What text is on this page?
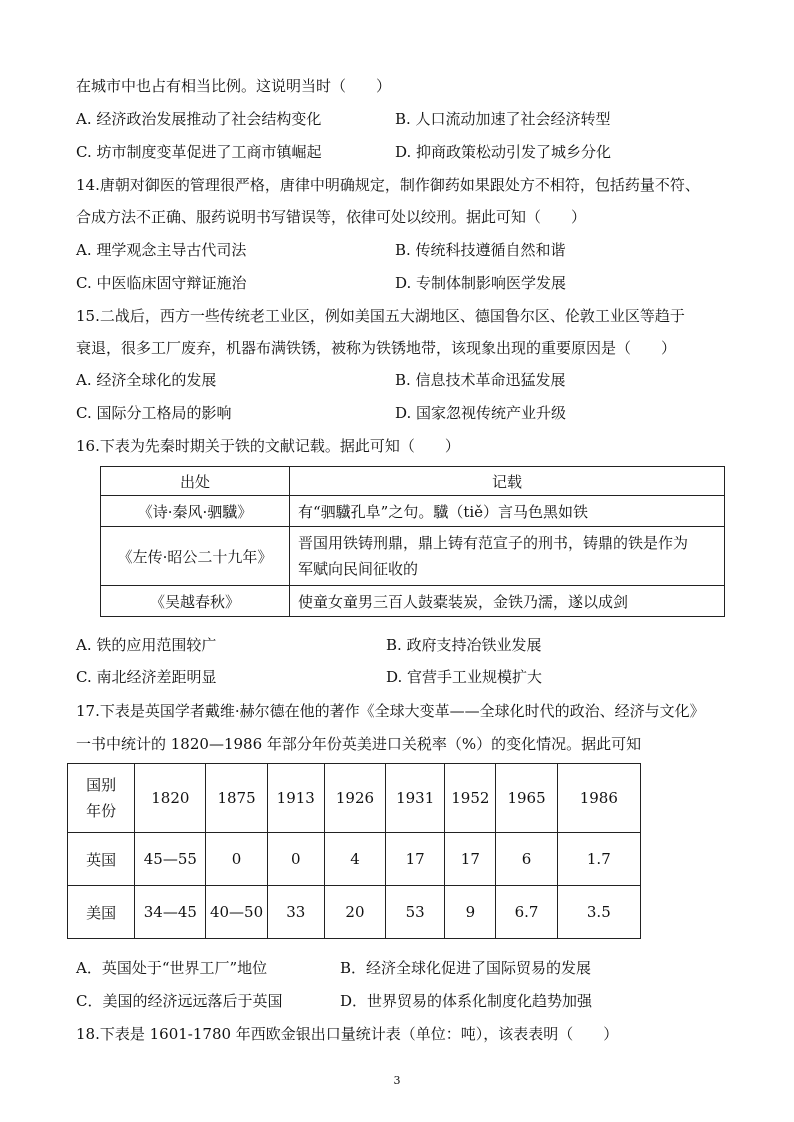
在城市中也占有相当比例。这说明当时（　　）
A. 经济政治发展推动了社会结构变化	B. 人口流动加速了社会经济转型
C. 坊市制度变革促进了工商市镇崛起	D. 抑商政策松动引发了城乡分化
14.唐朝对御医的管理很严格，唐律中明确规定，制作御药如果跟处方不相符，包括药量不符、
合成方法不正确、服药说明书写错误等，依律可处以绞刑。据此可知（　　）
A. 理学观念主导古代司法	B. 传统科技遵循自然和谐
C. 中医临床固守辩证施治	D. 专制体制影响医学发展
15.二战后，西方一些传统老工业区，例如美国五大湖地区、德国鲁尔区、伦敦工业区等趋于
衰退，很多工厂废弃，机器布满铁锈，被称为铁锈地带，该现象出现的重要原因是（　　）
A. 经济全球化的发展	B. 信息技术革命迅猛发展
C. 国际分工格局的影响	D. 国家忽视传统产业升级
16.下表为先秦时期关于铁的文献记载。据此可知（　　）
出处	记载
《诗·秦风·驷驖》	有“驷驖孔阜”之句。驖（tiě）言马色黑如铁
《左传·昭公二十九年》	晋国用铁铸刑鼎，鼎上铸有范宣子的刑书，铸鼎的铁是作为
军赋向民间征收的

《吴越春秋》	使童女童男三百人鼓橐装炭，金铁乃濡，遂以成剑
A. 铁的应用范围较广	B. 政府支持冶铁业发展
C. 南北经济差距明显	D. 官营手工业规模扩大
17.下表是英国学者戴维·赫尔德在他的著作《全球大变革——全球化时代的政治、经济与文化》
一书中统计的 1820—1986 年部分年份英美进口关税率（%）的变化情况。据此可知
国别
年份	1820	1875	1913	1926	1931	1952	1965	1986
英国	45—55	0	0	4	17	17	6	1.7
美国	34—45	40—50	33	20	53	9	6.7	3.5
A．英国处于“世界工厂”地位	B．经济全球化促进了国际贸易的发展
C．美国的经济远远落后于英国	D．世界贸易的体系化制度化趋势加强
18.下表是 1601-1780 年西欧金银出口量统计表（单位：吨），该表表明（　　）
3
